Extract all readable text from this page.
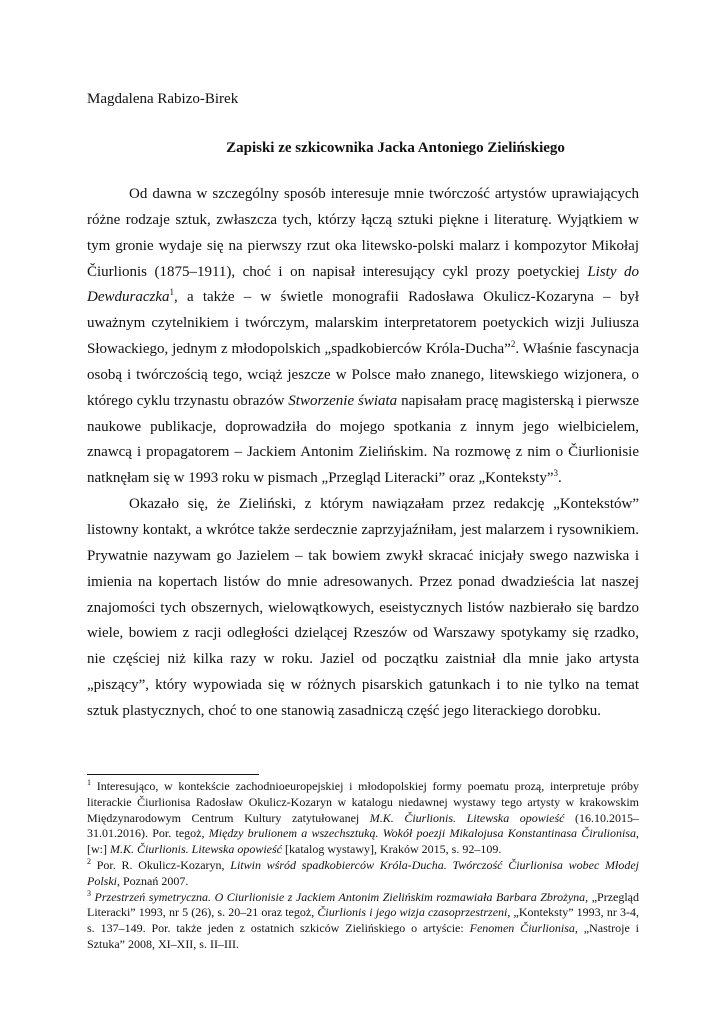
Magdalena Rabizo-Birek

Zapiski ze szkicownika Jacka Antoniego Zielińskiego

Od dawna w szczególny sposób interesuje mnie twórczość artystów uprawiających różne rodzaje sztuk, zwłaszcza tych, którzy łączą sztuki piękne i literaturę. Wyjątkiem w tym gronie wydaje się na pierwszy rzut oka litewsko-polski malarz i kompozytor Mikołaj Čiurlionis (1875–1911), choć i on napisał interesujący cykl prozy poetyckiej Listy do Dewduraczka$^1$, a także – w świetle monografii Radosława Okulicz-Kozaryna – był uważnym czytelnikiem i twórczym, malarskim interpretatorem poetyckich wizji Juliusza Słowackiego, jednym z młodopolskich „spadkobierców Króla-Ducha”$^2$. Właśnie fascynacja osobą i twórczością tego, wciąż jeszcze w Polsce mało znanego, litewskiego wizjonera, o którego cyklu trzynastu obrazów Stworzenie świata napisałam pracę magisterską i pierwsze naukowe publikacje, doprowadziła do mojego spotkania z innym jego wielbicielem, znawcą i propagatorem – Jackiem Antonim Zielińskim. Na rozmowę z nim o Čiurlionisie natknęłam się w 1993 roku w pismach „Przegląd Literacki” oraz „Konteksty”$^3$.

Okazało się, że Zieliński, z którym nawiązałam przez redakcję „Kontekstów” listowny kontakt, a wkrótce także serdecznie zaprzyjaźniłam, jest malarzem i rysownikiem. Prywatnie nazywam go Jazielem – tak bowiem zwykł skracać inicjały swego nazwiska i imienia na kopertach listów do mnie adresowanych. Przez ponad dwadzieścia lat naszej znajomości tych obszernych, wielowątkowych, eseistycznych listów nazbierało się bardzo wiele, bowiem z racji odległości dzielącej Rzeszów od Warszawy spotykamy się rzadko, nie częściej niż kilka razy w roku. Jaziel od początku zaistniał dla mnie jako artysta „piszący”, który wypowiada się w różnych pisarskich gatunkach i to nie tylko na temat sztuk plastycznych, choć to one stanowią zasadniczą część jego literackiego dorobku.

$^1$ Interesująco, w kontekście zachodnioeuropejskiej i młodopolskiej formy poematu prozą, interpretuje próby literackie Čiurlionisa Radosław Okulicz-Kozaryn w katalogu niedawnej wystawy tego artysty w krakowskim Międzynarodowym Centrum Kultury zatytułowanej M.K. Čiurlionis. Litewska opowieść (16.10.2015–31.01.2016). Por. tegoż, Między brulionem a wszechsztuką. Wokół poezji Mikalojusa Konstantinasa Čirulionisa, [w:] M.K. Čiurlionis. Litewska opowieść [katalog wystawy], Kraków 2015, s. 92–109.

$^2$ Por. R. Okulicz-Kozaryn, Litwin wśród spadkobierców Króla-Ducha. Twórczość Čiurlionisa wobec Młodej Polski, Poznań 2007.

$^3$ Przestrzeń symetryczna. O Ciurlionisie z Jackiem Antonim Zielińskim rozmawiała Barbara Zbrożyna, „Przegląd Literacki” 1993, nr 5 (26), s. 20–21 oraz tegoż, Čiurlionis i jego wizja czasoprzestrzeni, „Konteksty” 1993, nr 3-4, s. 137–149. Por. także jeden z ostatnich szkiców Zielińskiego o artyście: Fenomen Čiurlionisa, „Nastroje i Sztuka” 2008, XI–XII, s. II–III.
